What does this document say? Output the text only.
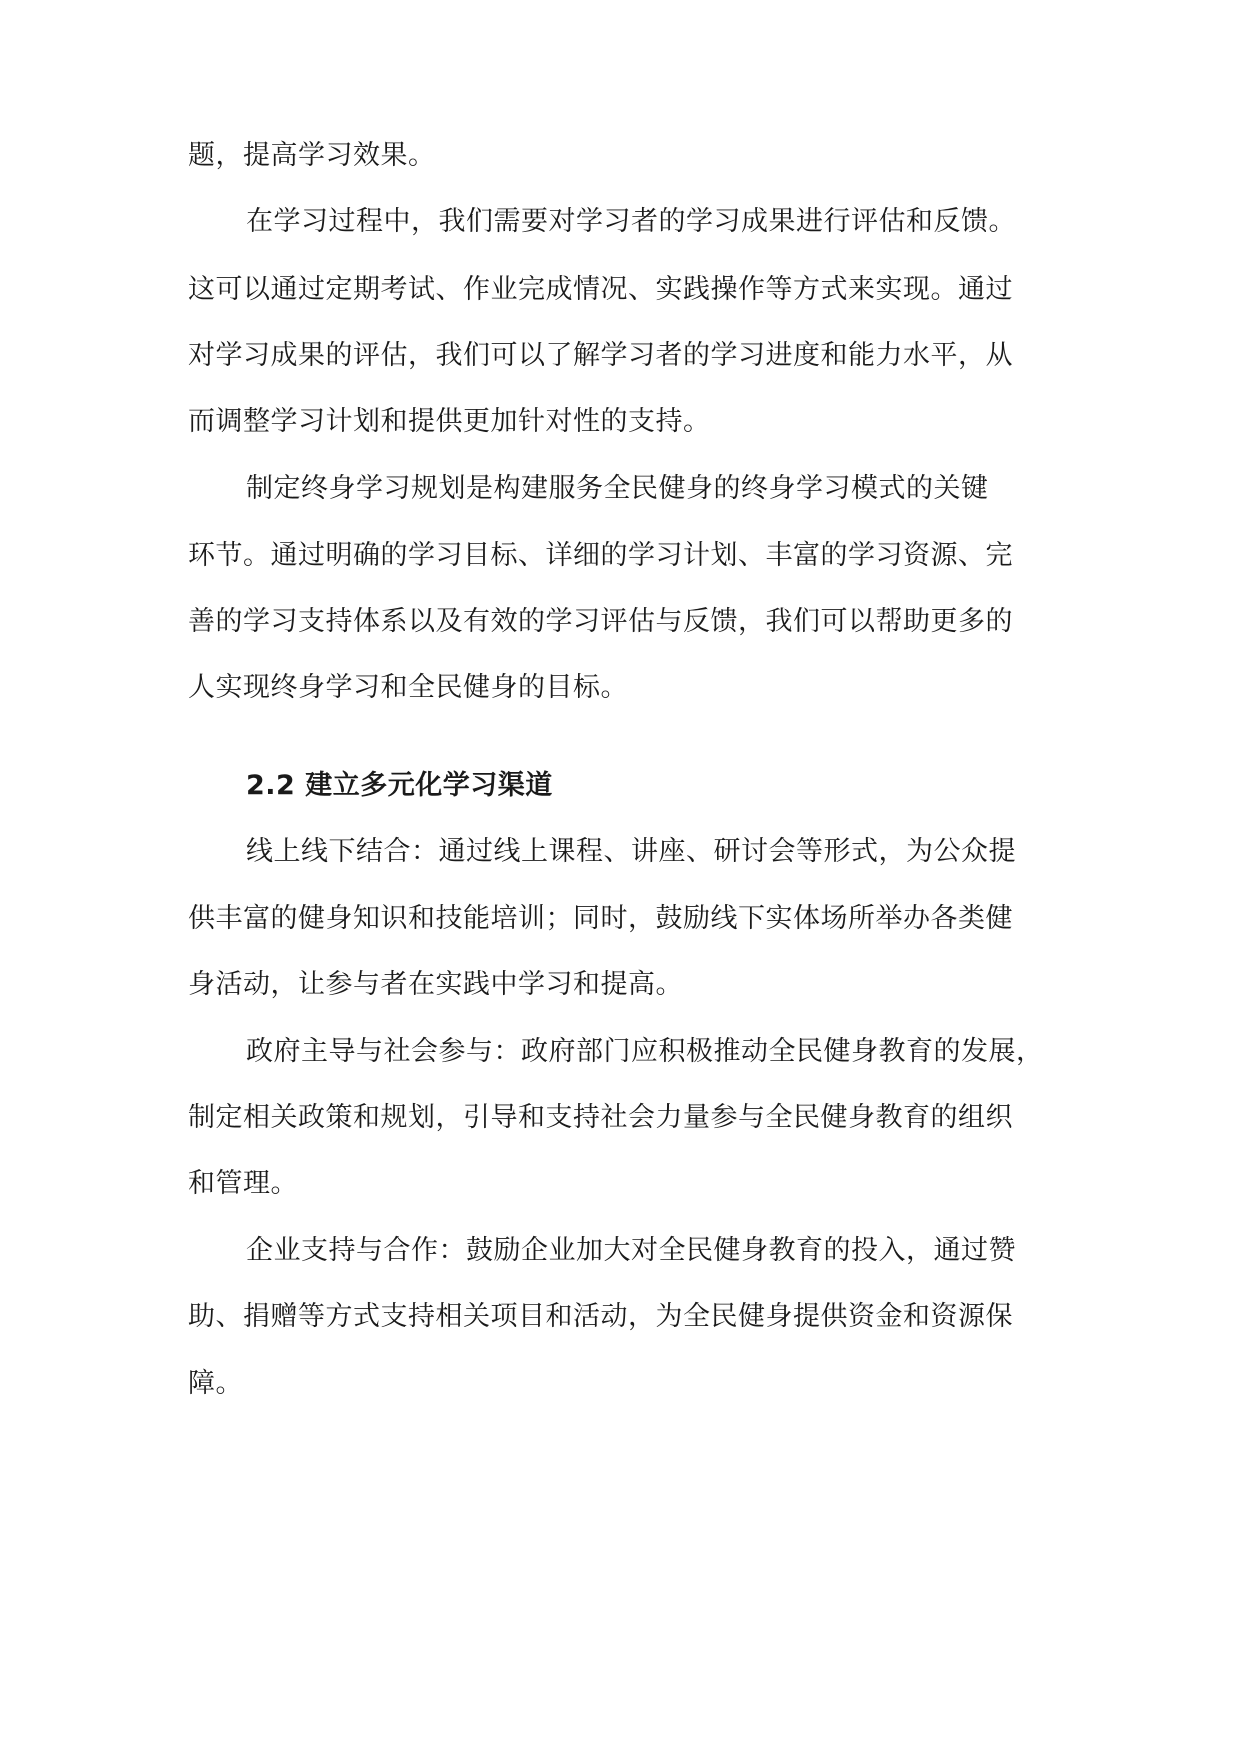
题，提高学习效果。
在学习过程中，我们需要对学习者的学习成果进行评估和反馈。
这可以通过定期考试、作业完成情况、实践操作等方式来实现。通过
对学习成果的评估，我们可以了解学习者的学习进度和能力水平，从
而调整学习计划和提供更加针对性的支持。
制定终身学习规划是构建服务全民健身的终身学习模式的关键
环节。通过明确的学习目标、详细的学习计划、丰富的学习资源、完
善的学习支持体系以及有效的学习评估与反馈，我们可以帮助更多的
人实现终身学习和全民健身的目标。
2.2 建立多元化学习渠道
线上线下结合：通过线上课程、讲座、研讨会等形式，为公众提
供丰富的健身知识和技能培训；同时，鼓励线下实体场所举办各类健
身活动，让参与者在实践中学习和提高。
政府主导与社会参与：政府部门应积极推动全民健身教育的发展，
制定相关政策和规划，引导和支持社会力量参与全民健身教育的组织
和管理。
企业支持与合作：鼓励企业加大对全民健身教育的投入，通过赞
助、捐赠等方式支持相关项目和活动，为全民健身提供资金和资源保
障。
